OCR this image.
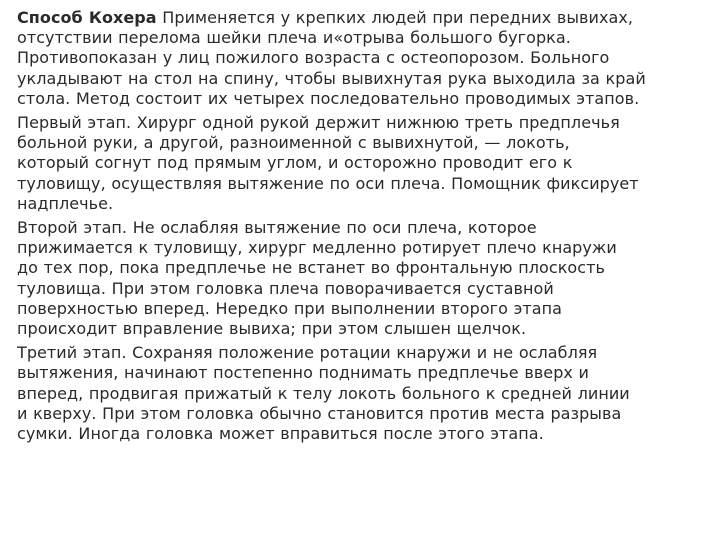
Способ Кохера Применяется у крепких людей при передних вывихах,
отсутствии перелома шейки плеча и«отрыва большого бугорка.
Противопоказан у лиц пожилого возраста с остеопорозом. Больного
укладывают на стол на спину, чтобы вывихнутая рука выходила за край
стола. Метод состоит их четырех последовательно проводимых этапов.
Первый этап. Хирург одной рукой держит нижнюю треть предплечья
больной руки, а другой, разноименной с вывихнутой, — локоть,
который согнут под прямым углом, и осторожно проводит его к
туловищу, осуществляя вытяжение по оси плеча. Помощник фиксирует
надплечье.
Второй этап. Не ослабляя вытяжение по оси плеча, которое
прижимается к туловищу, хирург медленно ротирует плечо кнаружи
до тех пор, пока предплечье не встанет во фронтальную плоскость
туловища. При этом головка плеча поворачивается суставной
поверхностью вперед. Нередко при выполнении второго этапа
происходит вправление вывиха; при этом слышен щелчок.
Третий этап. Сохраняя положение ротации кнаружи и не ослабляя
вытяжения, начинают постепенно поднимать предплечье вверх и
вперед, продвигая прижатый к телу локоть больного к средней линии
и кверху. При этом головка обычно становится против места разрыва
сумки. Иногда головка может вправиться после этого этапа.
